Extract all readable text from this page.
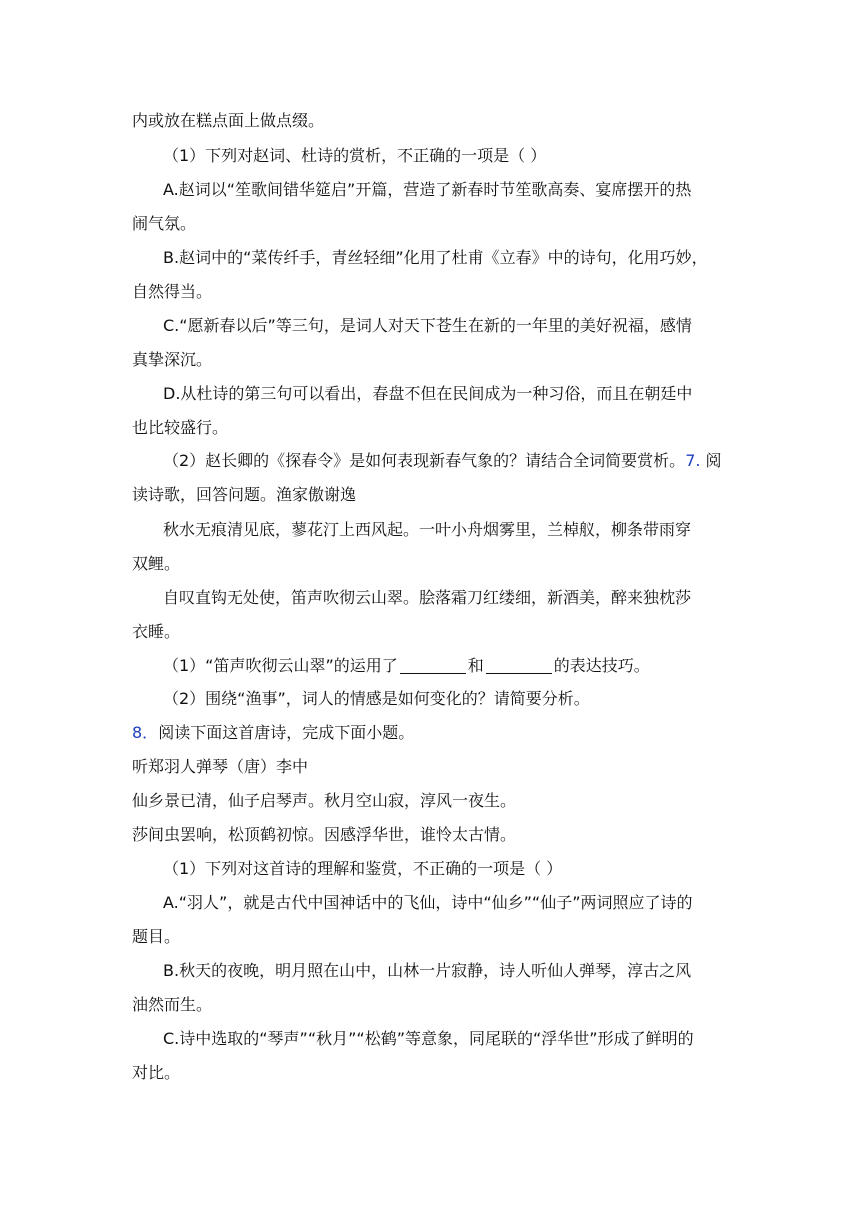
内或放在糕点面上做点缀。
（1）下列对赵词、杜诗的赏析，不正确的一项是（ ）
A.赵词以“笙歌间错华筵启”开篇，营造了新春时节笙歌高奏、宴席摆开的热
闹气氛。
B.赵词中的“菜传纤手，青丝轻细”化用了杜甫《立春》中的诗句，化用巧妙，
自然得当。
C.“愿新春以后”等三句，是词人对天下苍生在新的一年里的美好祝福，感情
真挚深沉。
D.从杜诗的第三句可以看出，春盘不但在民间成为一种习俗，而且在朝廷中
也比较盛行。
（2）赵长卿的《探春令》是如何表现新春气象的？请结合全词简要赏析。7. 阅
读诗歌，回答问题。渔家傲谢逸
秋水无痕清见底，蓼花汀上西风起。一叶小舟烟雾里，兰棹舣，柳条带雨穿
双鲤。
自叹直钩无处使，笛声吹彻云山翠。脍落霜刀红缕细，新酒美，醉来独枕莎
衣睡。
（1）“笛声吹彻云山翠”的运用了	和	的表达技巧。
（2）围绕“渔事”，词人的情感是如何变化的？请简要分析。
8．阅读下面这首唐诗，完成下面小题。
听郑羽人弹琴（唐）李中
仙乡景已清，仙子启琴声。秋月空山寂，淳风一夜生。
莎间虫罢响，松顶鹤初惊。因感浮华世，谁怜太古情。
（1）下列对这首诗的理解和鉴赏，不正确的一项是（ ）
A.“羽人”，就是古代中国神话中的飞仙，诗中“仙乡”“仙子”两词照应了诗的
题目。
B.秋天的夜晚，明月照在山中，山林一片寂静，诗人听仙人弹琴，淳古之风
油然而生。
C.诗中选取的“琴声”“秋月”“松鹤”等意象，同尾联的“浮华世”形成了鲜明的
对比。
